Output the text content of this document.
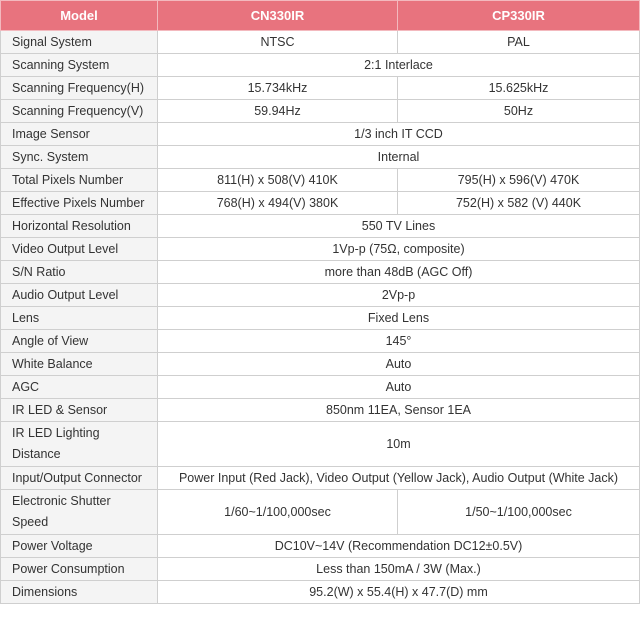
Model	CN330IR	CP330IR
Signal System	NTSC	PAL
Scanning System	2:1 Interlace	
Scanning Frequency(H)	15.734kHz	15.625kHz
Scanning Frequency(V)	59.94Hz	50Hz
Image Sensor	1/3 inch IT CCD	
Sync. System	Internal	
Total Pixels Number	811(H) x 508(V) 410K	795(H) x 596(V) 470K
Effective Pixels Number	768(H) x 494(V) 380K	752(H) x 582 (V) 440K
Horizontal Resolution	550 TV Lines	
Video Output Level	1Vp-p (75Ω, composite)	
S/N Ratio	more than 48dB (AGC Off)	
Audio Output Level	2Vp-p	
Lens	Fixed Lens	
Angle of View	145°	
White Balance	Auto	
AGC	Auto	
IR LED & Sensor	850nm 11EA, Sensor 1EA	
IR LED Lighting
Distance	10m	
Input/Output Connector	Power Input (Red Jack), Video Output (Yellow Jack), Audio Output (White Jack)	
Electronic Shutter
Speed	1/60~1/100,000sec	1/50~1/100,000sec
Power Voltage	DC10V~14V (Recommendation DC12±0.5V)	
Power Consumption	Less than 150mA / 3W (Max.)	
Dimensions	95.2(W) x 55.4(H) x 47.7(D) mm	
